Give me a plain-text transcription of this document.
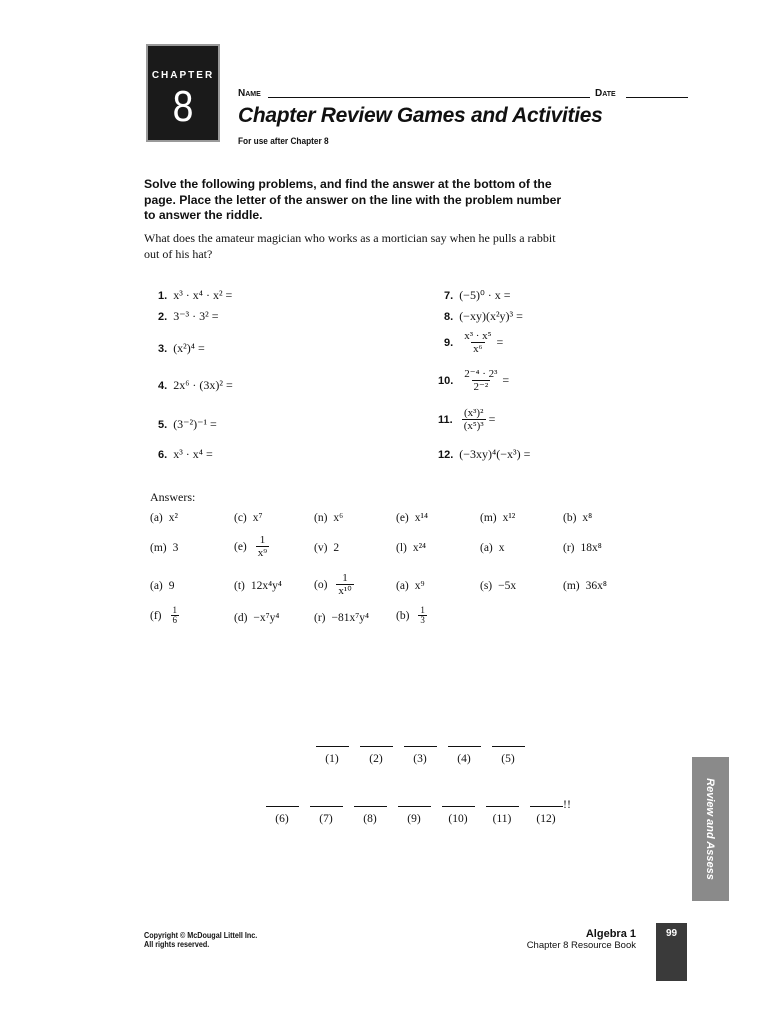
CHAPTER
8	Name	Date
Chapter Review Games and Activities
For use after Chapter 8
Solve the following problems, and find the answer at the bottom of the page. Place the letter of the answer on the line with the problem number to answer the riddle.
What does the amateur magician who works as a mortician say when he pulls a rabbit out of his hat?
1. x³ · x⁴ · x² =
2. 3⁻³ · 3² =
3. (x²)⁴ =
4. 2x⁶ · (3x)² =
5. (3⁻²)⁻¹ =
6. x³ · x⁴ =
7. (−5)⁰ · x =
8. (−xy)(x²y)³ =
9. $\frac{\text{x³ · x⁵}}{\text{x⁶}}$ =
10. $\frac{\text{2⁻⁴ · 2³}}{\text{2⁻²}}$ =
11. $\frac{\text{(x³)²}}{\text{(x⁵)³}}$ =
12. (−3xy)⁴(−x³) =
Answers:
(a) x²	(c) x⁷	(n) x⁶	(e) x¹⁴	(m) x¹²	(b) x⁸
(m) 3	$(e) \frac{1}{\text{x⁹}}$	(v) 2	(l) x²⁴	(a) x	(r) 18x⁸
(a) 9	(t) 12x⁴y⁴	$(o) \frac{1}{\text{x¹⁰}}$	(a) x⁹	(s) −5x	(m) 36x⁸
$(f) \frac{1}{6}$	(d) −x⁷y⁴	(r) −81x⁷y⁴ $(b) \frac{1}{3}$
(1)	(2)	(3)	(4)	(5)
(6)	(7)	(8)	(9) (10) (11) (12)
!!	Review and Assess
99
Copyright © McDougal Littell Inc.
All rights reserved.
Algebra 1
Chapter 8 Resource Book
